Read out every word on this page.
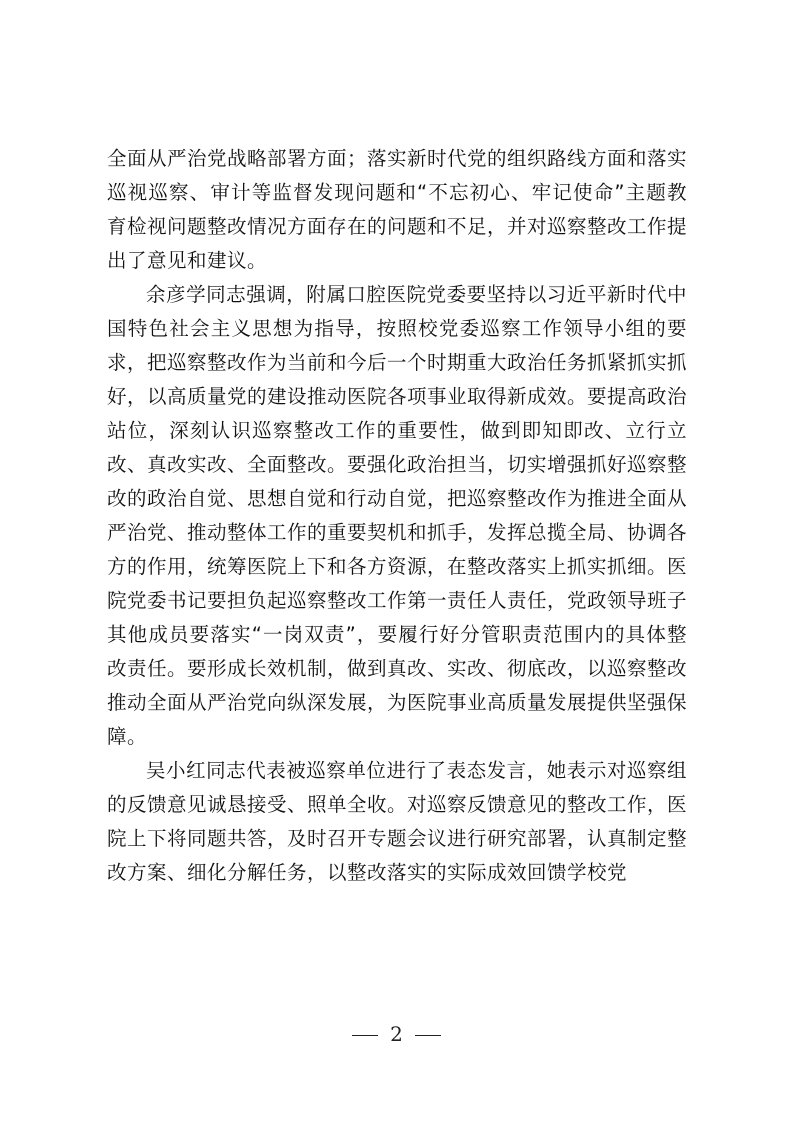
全面从严治党战略部署方面；落实新时代党的组织路线方面和落实巡视巡察、审计等监督发现问题和“不忘初心、牢记使命”主题教育检视问题整改情况方面存在的问题和不足，并对巡察整改工作提出了意见和建议。

余彦学同志强调，附属口腔医院党委要坚持以习近平新时代中国特色社会主义思想为指导，按照校党委巡察工作领导小组的要求，把巡察整改作为当前和今后一个时期重大政治任务抓紧抓实抓好，以高质量党的建设推动医院各项事业取得新成效。要提高政治站位，深刻认识巡察整改工作的重要性，做到即知即改、立行立改、真改实改、全面整改。要强化政治担当，切实增强抓好巡察整改的政治自觉、思想自觉和行动自觉，把巡察整改作为推进全面从严治党、推动整体工作的重要契机和抓手，发挥总揽全局、协调各方的作用，统筹医院上下和各方资源，在整改落实上抓实抓细。医院党委书记要担负起巡察整改工作第一责任人责任，党政领导班子其他成员要落实“一岗双责”，要履行好分管职责范围内的具体整改责任。要形成长效机制，做到真改、实改、彻底改，以巡察整改推动全面从严治党向纵深发展，为医院事业高质量发展提供坚强保障。

吴小红同志代表被巡察单位进行了表态发言，她表示对巡察组的反馈意见诚恳接受、照单全收。对巡察反馈意见的整改工作，医院上下将同题共答，及时召开专题会议进行研究部署，认真制定整改方案、细化分解任务，以整改落实的实际成效回馈学校党

2
